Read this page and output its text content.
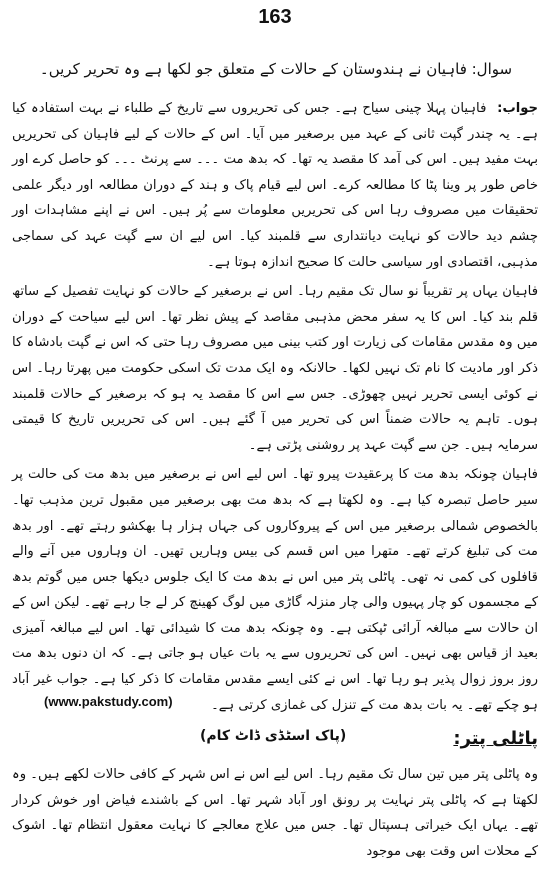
163
سوال: فاہیان نے ہندوستان کے حالات کے متعلق جو لکھا ہے وہ تحریر کریں۔

جواب: فاہیان پہلا چینی سیاح ہے۔ جس کی تحریروں سے تاریخ کے طلباء نے بہت استفادہ کیا ہے۔ یہ چندر گپت ثانی کے عہد میں برصغیر میں آیا۔ اس کے حالات کے لیے فاہیان کی تحریریں بہت مفید ہیں۔ اس کی آمد کا مقصد یہ تھا۔ کہ بدھ مت ۔۔۔ سے پرنٹ ۔۔۔ کو حاصل کرے اور خاص طور پر وینا پٹا کا مطالعہ کرے۔ اس لیے قیام پاک و ہند کے دوران مطالعہ اور دیگر علمی تحقیقات میں مصروف رہا اس کی تحریریں معلومات سے پُر ہیں۔ اس نے اپنے مشاہدات اور چشم دید حالات کو نہایت دیانتداری سے قلمبند کیا۔ اس لیے ان سے گپت عہد کی سماجی مذہبی، اقتصادی اور سیاسی حالت کا صحیح اندازہ ہوتا ہے۔

فاہیان یہاں پر تقریباً نو سال تک مقیم رہا۔ اس نے برصغیر کے حالات کو نہایت تفصیل کے ساتھ قلم بند کیا۔ اس کا یہ سفر محض مذہبی مقاصد کے پیش نظر تھا۔ اس لیے سیاحت کے دوران میں وہ مقدس مقامات کی زیارت اور کتب بینی میں مصروف رہا حتی کہ اس نے گپت بادشاہ کا ذکر اور مادیت کا نام تک نہیں لکھا۔ حالانکہ وہ ایک مدت تک اسکی حکومت میں پھرتا رہا۔ اس نے کوئی ایسی تحریر نہیں چھوڑی۔ جس سے اس کا مقصد یہ ہو کہ برصغیر کے حالات قلمبند ہوں۔ تاہم یہ حالات ضمناً اس کی تحریر میں آ گئے ہیں۔ اس کی تحریریں تاریخ کا قیمتی سرمایہ ہیں۔ جن سے گپت عہد پر روشنی پڑتی ہے۔

فاہیان چونکہ بدھ مت کا پرعقیدت پیرو تھا۔ اس لیے اس نے برصغیر میں بدھ مت کی حالت پر سیر حاصل تبصرہ کیا ہے۔ وہ لکھتا ہے کہ بدھ مت بھی برصغیر میں مقبول ترین مذہب تھا۔ بالخصوص شمالی برصغیر میں اس کے پیروکاروں کی جہاں ہزار ہا بھکشو رہتے تھے۔ اور بدھ مت کی تبلیغ کرتے تھے۔ متھرا میں اس قسم کی بیس وہاریں تھیں۔ ان وہاروں میں آنے والے قافلوں کی کمی نہ تھی۔ پاٹلی پتر میں اس نے بدھ مت کا ایک جلوس دیکھا جس میں گوتم بدھ کے مجسموں کو چار پہیوں والی چار منزلہ گاڑی میں لوگ کھینچ کر لے جا رہے تھے۔ لیکن اس کے ان حالات سے مبالغہ آرائی ٹپکتی ہے۔ وہ چونکہ بدھ مت کا شیدائی تھا۔ اس لیے مبالغہ آمیزی بعید از قیاس بھی نہیں۔ اس کی تحریروں سے یہ بات عیاں ہو جاتی ہے۔ کہ ان دنوں بدھ مت روز بروز زوال پذیر ہو رہا تھا۔ اس نے کئی ایسے مقدس مقامات کا ذکر کیا ہے۔ جواب غیر آباد ہو چکے تھے۔ یہ بات بدھ مت کے تنزل کی غمازی کرتی ہے۔

پاٹلی پتر:

وہ پاٹلی پتر میں تین سال تک مقیم رہا۔ اس لیے اس نے اس شہر کے کافی حالات لکھے ہیں۔ وہ لکھتا ہے کہ پاٹلی پتر نہایت پر رونق اور آباد شہر تھا۔ اس کے باشندے فیاض اور خوش کردار تھے۔ یہاں ایک خیراتی ہسپتال تھا۔ جس میں علاج معالجے کا نہایت معقول انتظام تھا۔ اشوک کے محلات اس وقت بھی موجود

(www.pakstudy.com)
(پاک اسٹڈی ڈاٹ کام)
